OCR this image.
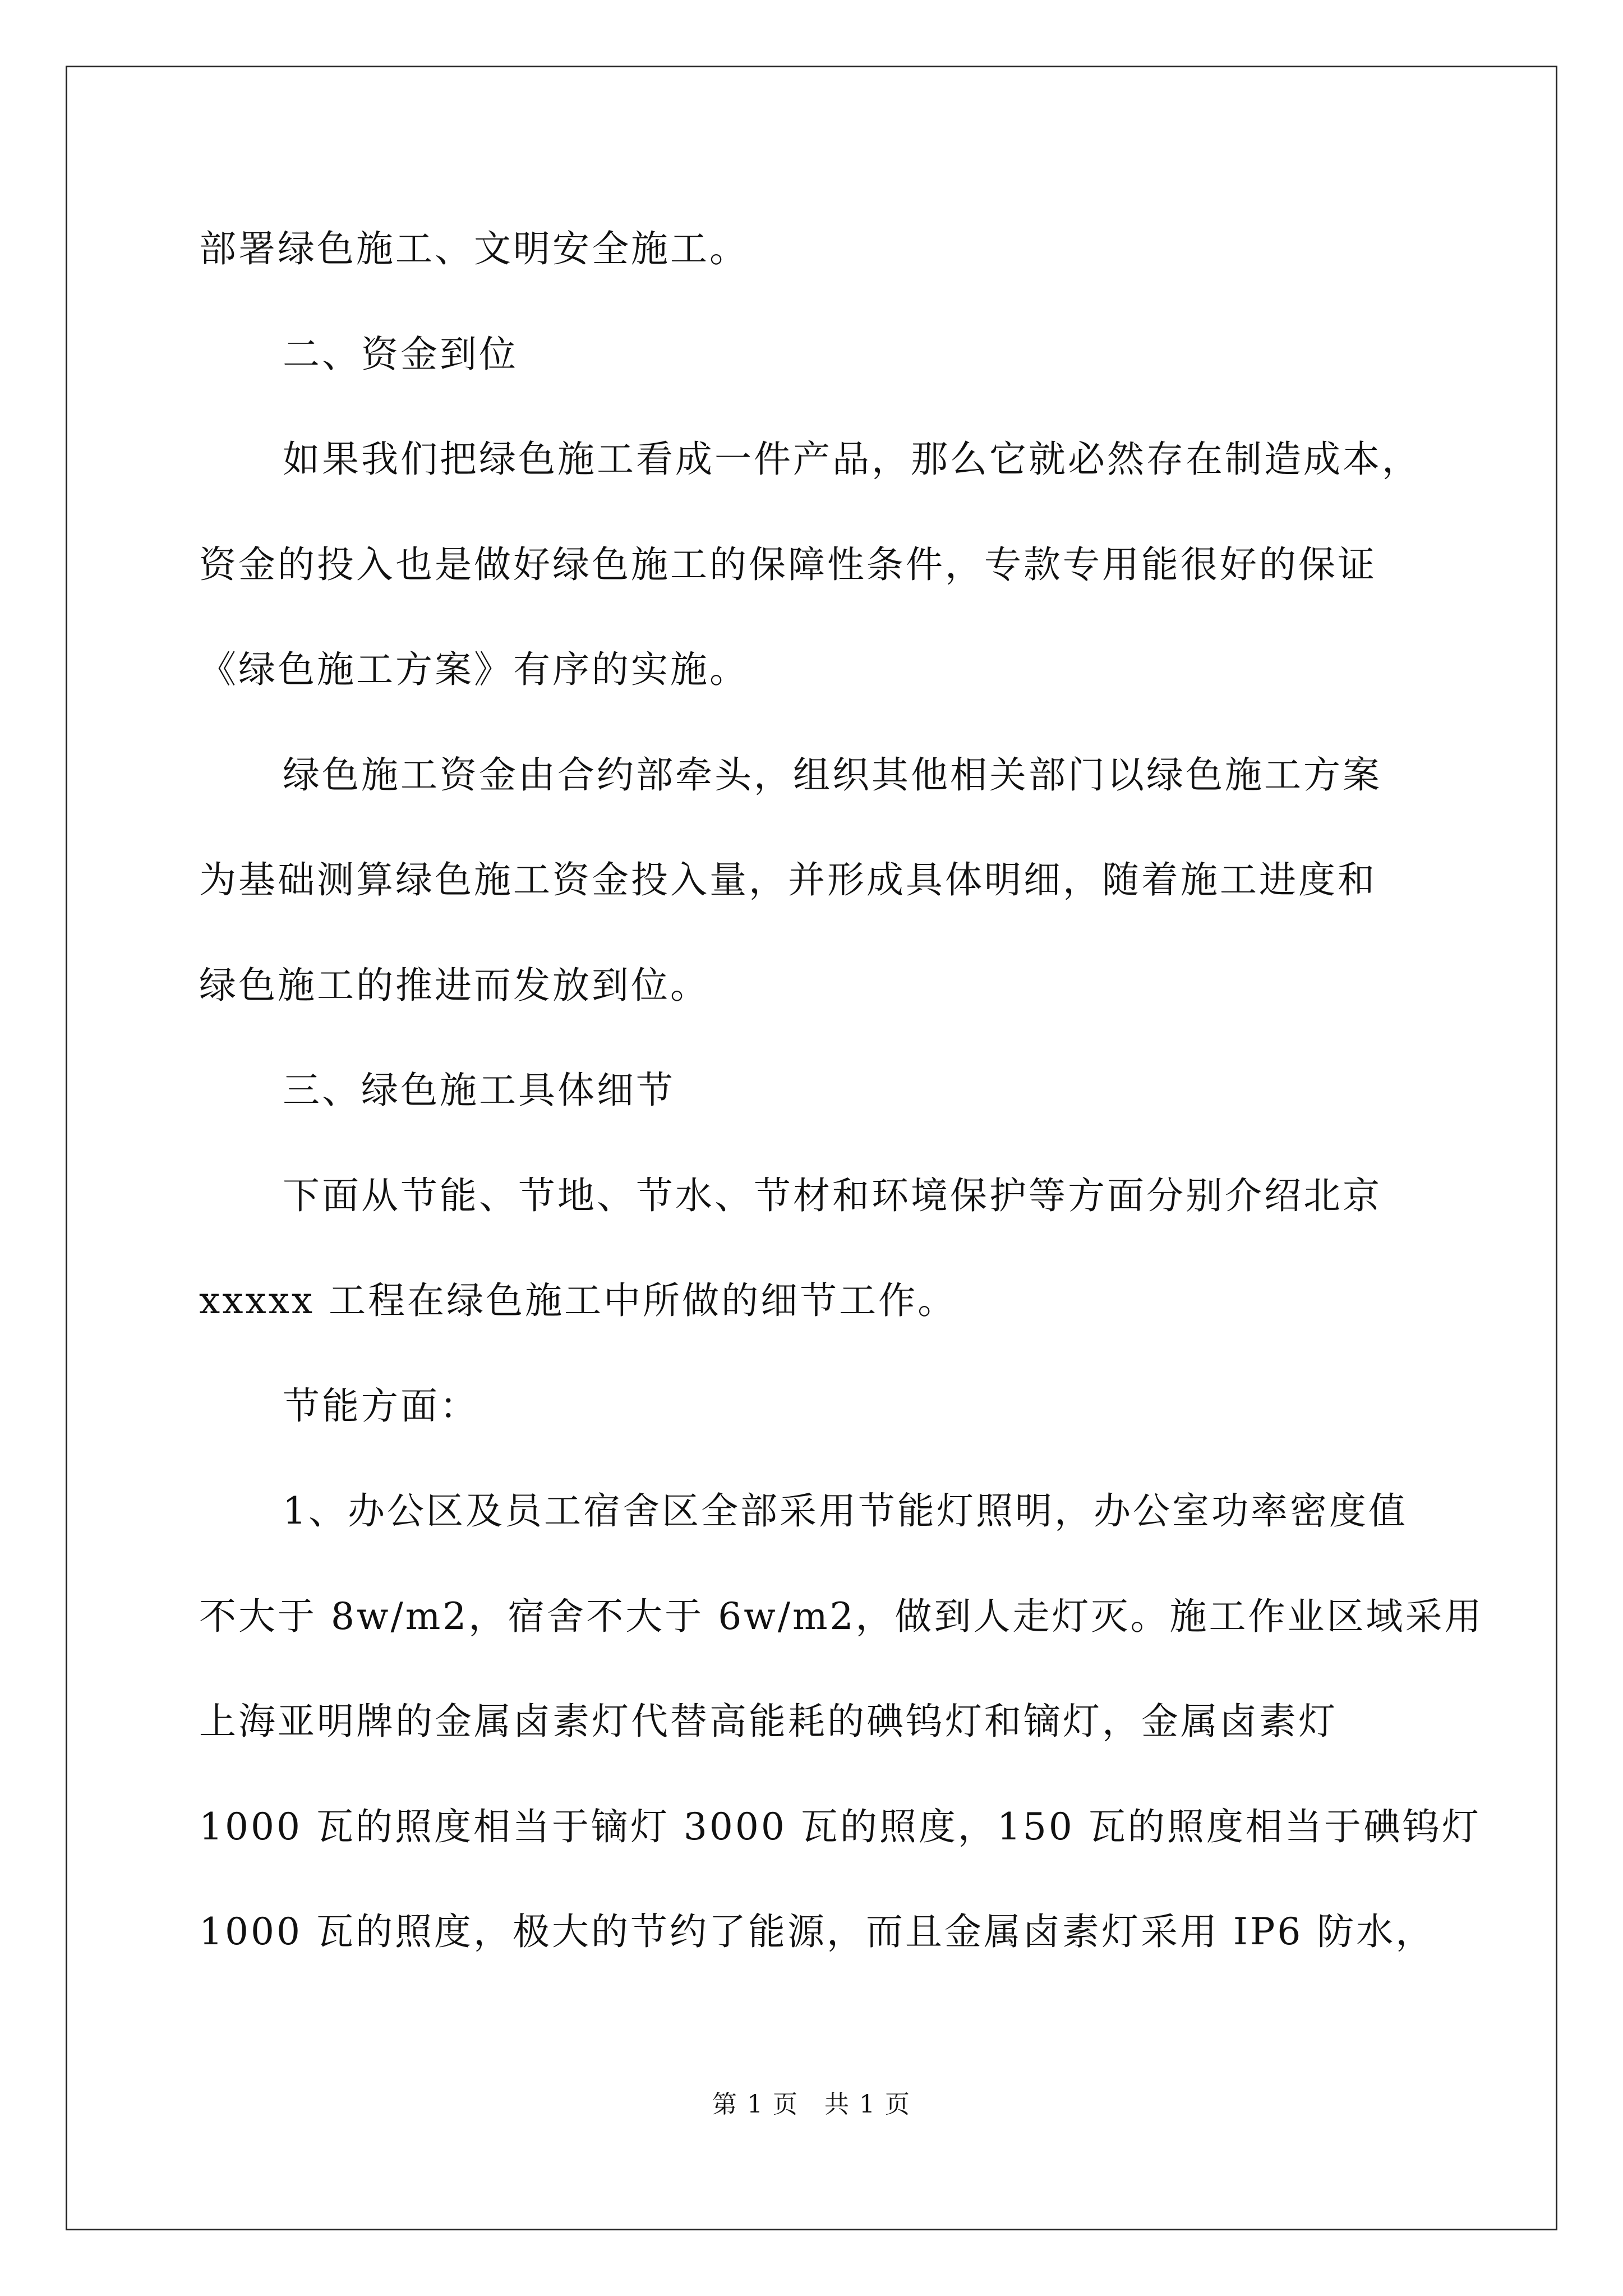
部署绿色施工、文明安全施工。
二、资金到位
如果我们把绿色施工看成一件产品，那么它就必然存在制造成本，
资金的投入也是做好绿色施工的保障性条件，专款专用能很好的保证
《绿色施工方案》有序的实施。
绿色施工资金由合约部牵头，组织其他相关部门以绿色施工方案
为基础测算绿色施工资金投入量，并形成具体明细，随着施工进度和
绿色施工的推进而发放到位。
三、绿色施工具体细节
下面从节能、节地、节水、节材和环境保护等方面分别介绍北京
xxxxx 工程在绿色施工中所做的细节工作。
节能方面：
1、办公区及员工宿舍区全部采用节能灯照明，办公室功率密度值
不大于 8w/m2，宿舍不大于 6w/m2，做到人走灯灭。施工作业区域采用
上海亚明牌的金属卤素灯代替高能耗的碘钨灯和镝灯，金属卤素灯
1000 瓦的照度相当于镝灯 3000 瓦的照度，150 瓦的照度相当于碘钨灯
1000 瓦的照度，极大的节约了能源，而且金属卤素灯采用 IP6 防水，
第 1 页　共 1 页
